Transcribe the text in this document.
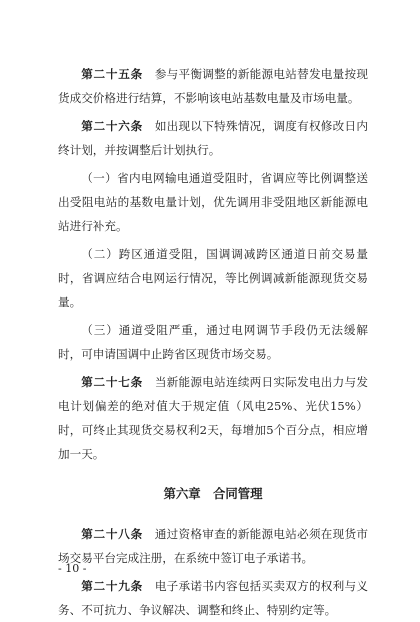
第二十五条　 参与平衡调整的新能源电站替发电量按现货成交价格进行结算，不影响该电站基数电量及市场电量。

第二十六条　 如出现以下特殊情况，调度有权修改日内终计划，并按调整后计划执行。

（一）省内电网输电通道受阻时，省调应等比例调整送出受阻电站的基数电量计划，优先调用非受阻地区新能源电站进行补充。

（二）跨区通道受阻，国调调减跨区通道日前交易量时，省调应结合电网运行情况，等比例调减新能源现货交易量。

（三）通道受阻严重，通过电网调节手段仍无法缓解时，可申请国调中止跨省区现货市场交易。

第二十七条　 当新能源电站连续两日实际发电出力与发电计划偏差的绝对值大于规定值（风电25%、光伏15%）时，可终止其现货交易权利2天，每增加5个百分点，相应增加一天。

第六章　合同管理

第二十八条　 通过资格审查的新能源电站必须在现货市场交易平台完成注册，在系统中签订电子承诺书。

第二十九条　 电子承诺书内容包括买卖双方的权利与义务、不可抗力、争议解决、调整和终止、特别约定等。

- 10 -
